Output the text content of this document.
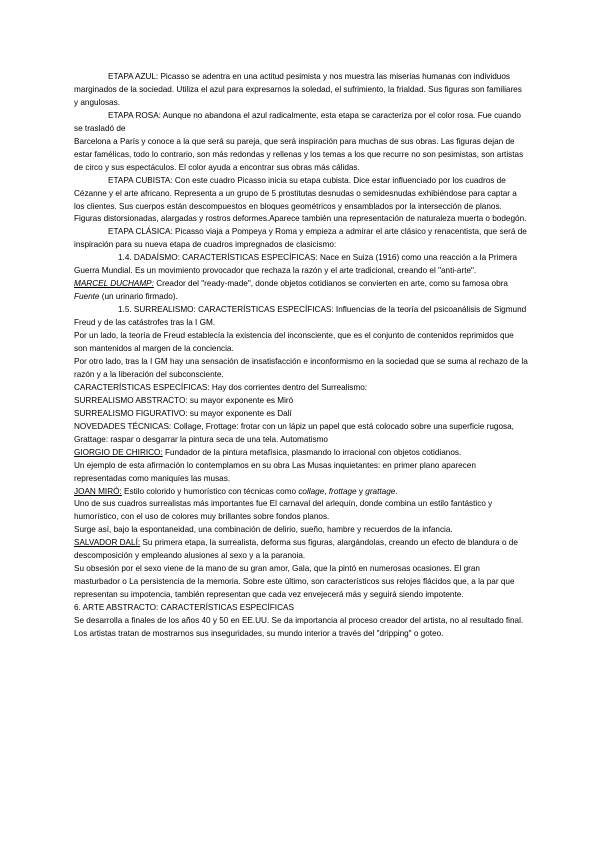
ETAPA AZUL: Picasso se adentra en una actitud pesimista y nos muestra las miserias humanas con individuos marginados de la sociedad. Utiliza el azul para expresarnos la soledad, el sufrimiento, la frialdad. Sus figuras son familiares y angulosas.

ETAPA ROSA: Aunque no abandona el azul radicalmente, esta etapa se caracteriza por el color rosa. Fue cuando se trasladó de

Barcelona a París y conoce a la que será su pareja, que será inspiración para muchas de sus obras. Las figuras dejan de estar famélicas, todo lo contrario, son más redondas y rellenas y los temas a los que recurre no son pesimistas, son artistas de circo y sus espectáculos. El color ayuda a encontrar sus obras más cálidas.

ETAPA CUBISTA: Con este cuadro Picasso inicia su etapa cubista. Dice estar influenciado por los cuadros de Cézanne y el arte africano. Representa a un grupo de 5 prostitutas desnudas o semidesnudas exhibiéndose para captar a los clientes. Sus cuerpos están descompuestos en bloques geométricos y ensamblados por la intersección de planos.

Figuras distorsionadas, alargadas y rostros deformes.Aparece también una representación de naturaleza muerta o bodegón.

ETAPA CLÁSICA: Picasso viaja a Pompeya y Roma y empieza a admirar el arte clásico y renacentista, que será de inspiración para su nueva etapa de cuadros impregnados de clasicismo:

1.4. DADAÍSMO: CARACTERÍSTICAS ESPECÍFICAS: Nace en Suiza (1916) como una reacción a la Primera Guerra Mundial. Es un movimiento provocador que rechaza la razón y el arte tradicional, creando el "anti-arte".

MARCEL DUCHAMP: Creador del "ready-made", donde objetos cotidianos se convierten en arte, como su famosa obra Fuente (un urinario firmado).

1.5. SURREALISMO: CARACTERÍSTICAS ESPECÍFICAS: Influencias de la teoría del psicoanálisis de Sigmund Freud y de las catástrofes tras la I GM.

Por un lado, la teoría de Freud establecía la existencia del inconsciente, que es el conjunto de contenidos reprimidos que son mantenidos al margen de la conciencia.

Por otro lado, tras la I GM hay una sensación de insatisfacción e inconformismo en la sociedad que se suma al rechazo de la razón y a la liberación del subconsciente.

CARACTERÍSTICAS ESPECÍFICAS: Hay dos corrientes dentro del Surrealismo:

SURREALISMO ABSTRACTO: su mayor exponente es Miró

SURREALISMO FIGURATIVO: su mayor exponente es Dalí

NOVEDADES TÉCNICAS: Collage, Frottage: frotar con un lápiz un papel que está colocado sobre una superficie rugosa, Grattage: raspar o desgarrar la pintura seca de una tela. Automatismo

GIORGIO DE CHIRICO: Fundador de la pintura metafísica, plasmando lo irracional con objetos cotidianos.

Un ejemplo de esta afirmación lo contemplamos en su obra Las Musas inquietantes: en primer plano aparecen representadas como maniquíes las musas.

JOAN MIRÓ: Estilo colorido y humorístico con técnicas como collage, frottage y grattage.

Uno de sus cuadros surrealistas más importantes fue El carnaval del arlequín, donde combina un estilo fantástico y humorístico, con el uso de colores muy brillantes sobre fondos planos.

Surge así, bajo la espontaneidad, una combinación de delirio, sueño, hambre y recuerdos de la infancia.

SALVADOR DALÍ: Su primera etapa, la surrealista, deforma sus figuras, alargándolas, creando un efecto de blandura o de descomposición y empleando alusiones al sexo y a la paranoia.

Su obsesión por el sexo viene de la mano de su gran amor, Gala, que la pintó en numerosas ocasiones. El gran masturbador o La persistencia de la memoria. Sobre este último, son característicos sus relojes flácidos que, a la par que representan su impotencia, también representan que cada vez envejecerá más y seguirá siendo impotente.

6. ARTE ABSTRACTO: CARACTERÍSTICAS ESPECÍFICAS

Se desarrolla a finales de los años 40 y 50 en EE.UU. Se da importancia al proceso creador del artista, no al resultado final. Los artistas tratan de mostrarnos sus inseguridades, su mundo interior a través del "dripping" o goteo.
